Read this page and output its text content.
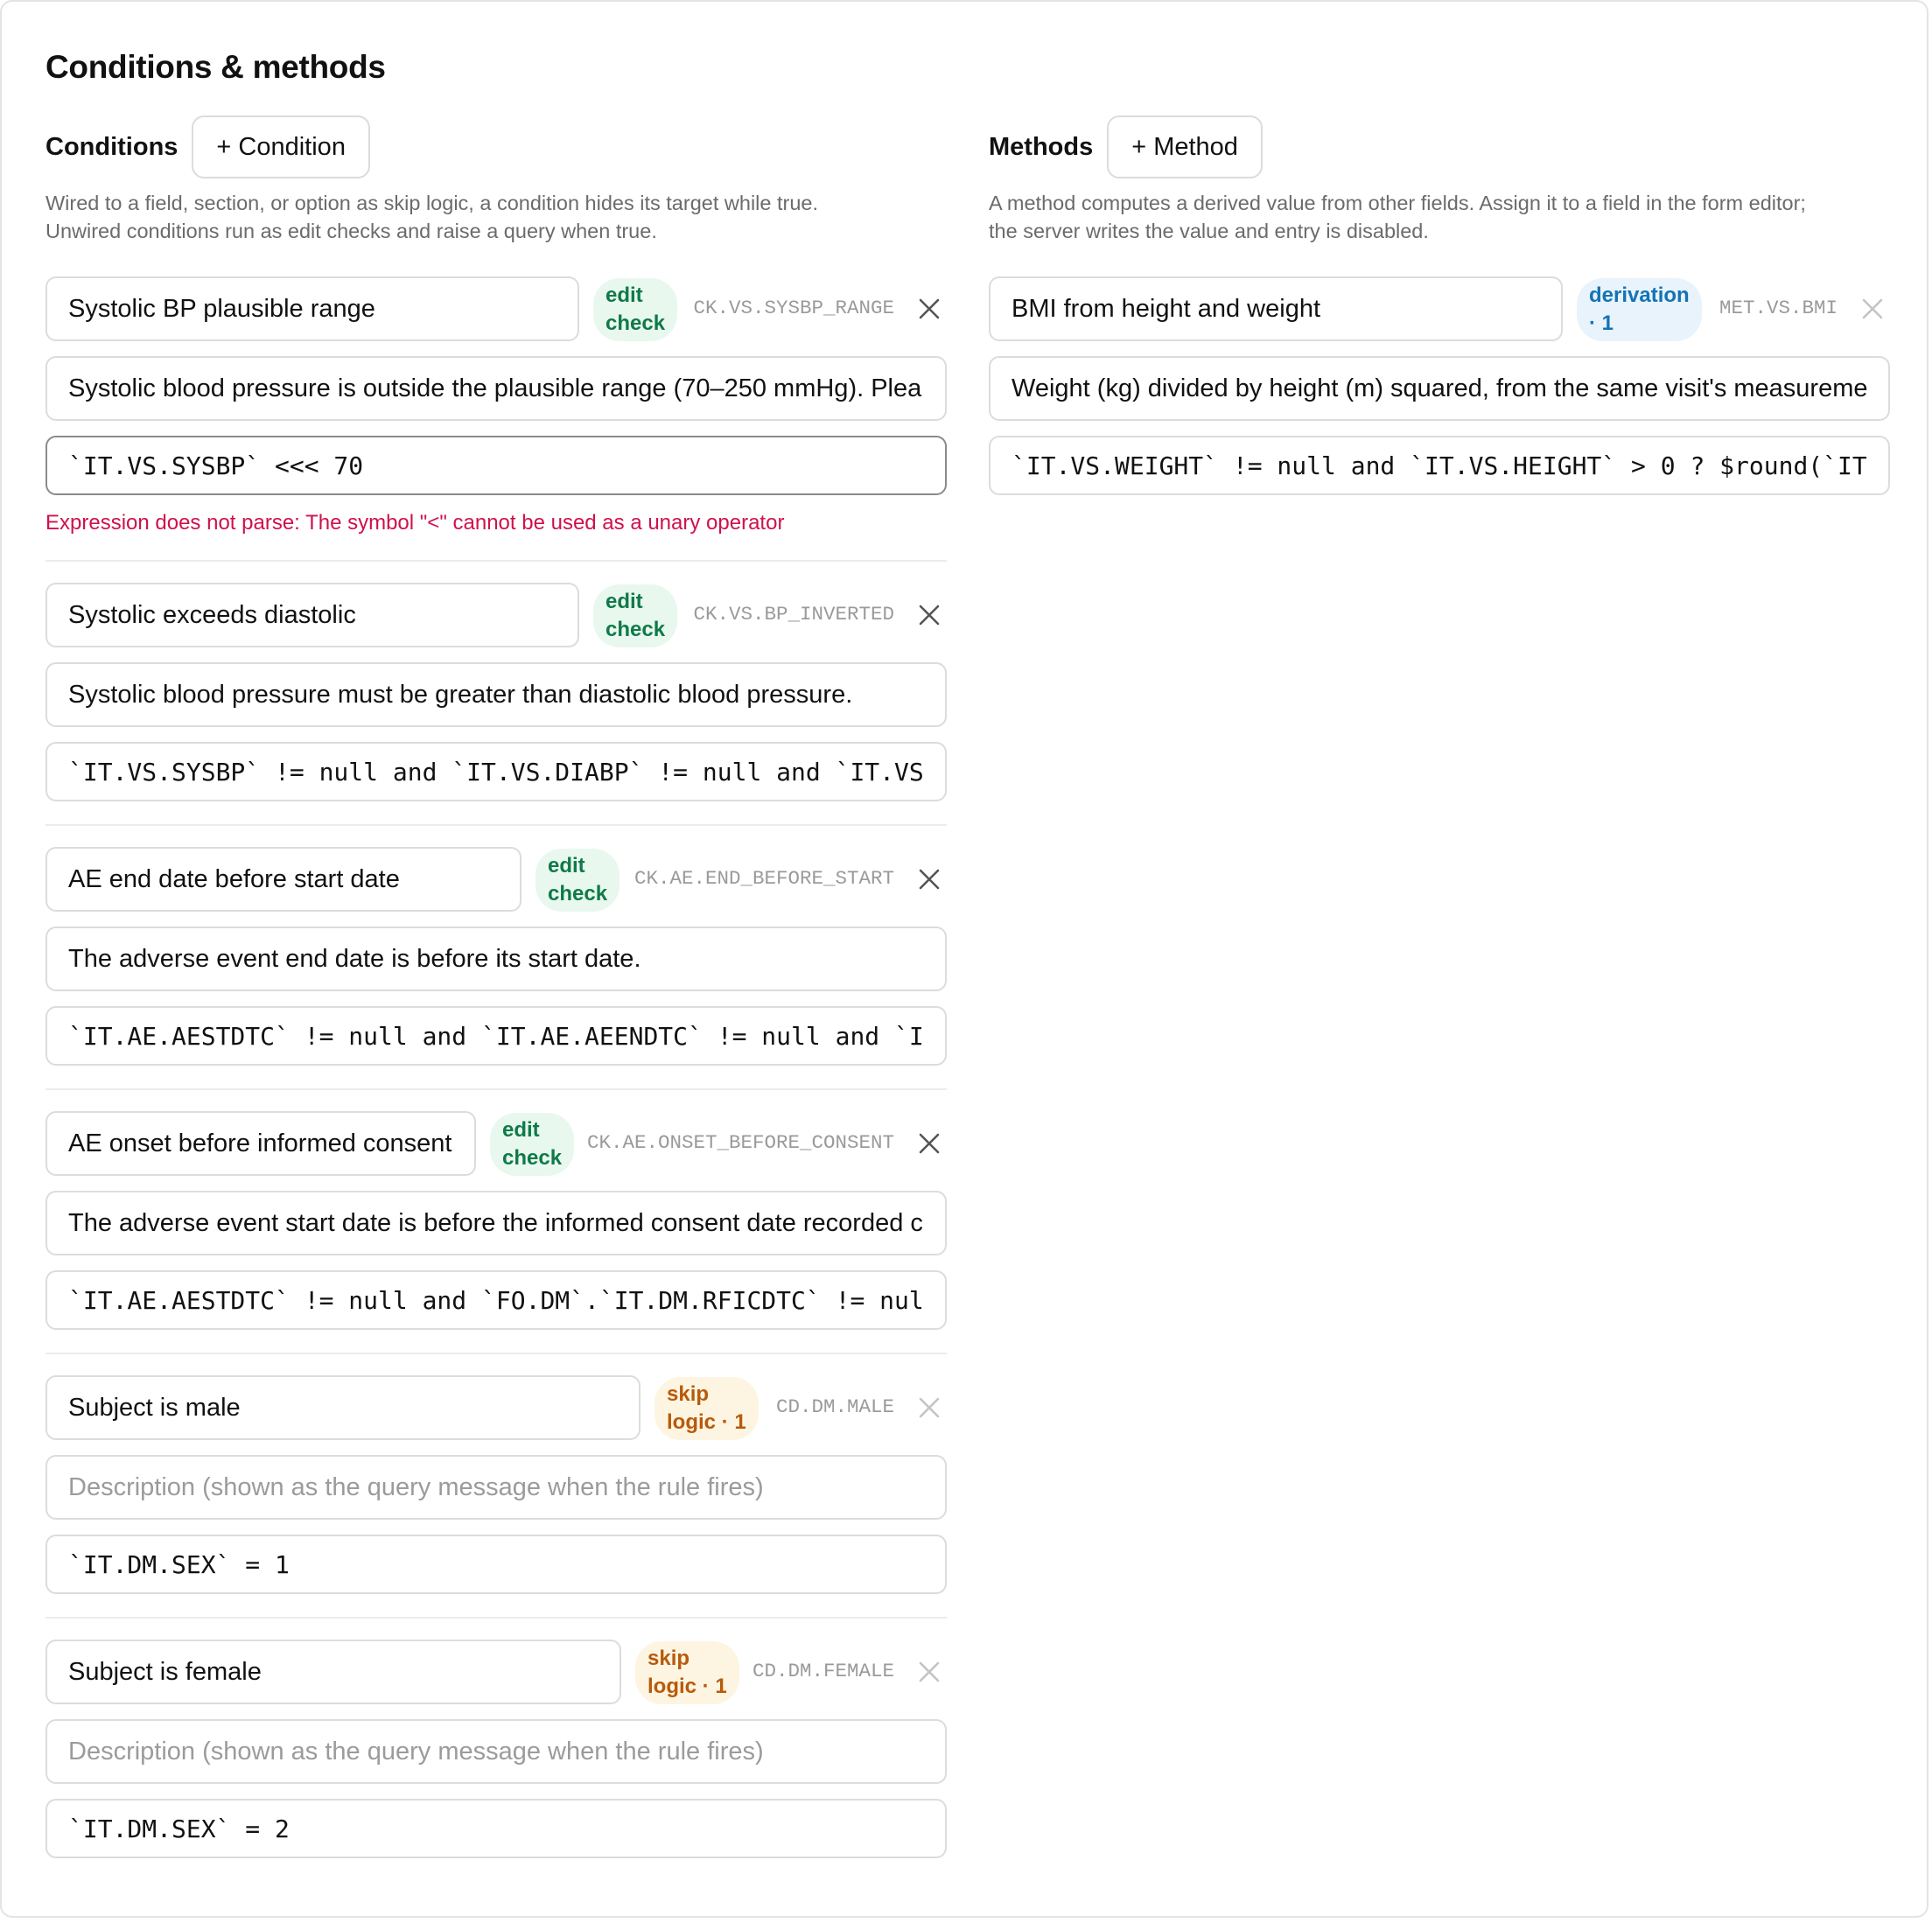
Conditions & methods
Conditions	+ Condition
Wired to a field, section, or option as skip logic, a condition hides its target while true.
Unwired conditions run as edit checks and raise a query when true.
Systolic BP plausible range	edit
check
CK.VS.SYSBP_RANGE
Systolic blood pressure is outside the plausible range (70–250 mmHg). Plea
`IT.VS.SYSBP` <<< 70
Expression does not parse: The symbol "<" cannot be used as a unary operator
Systolic exceeds diastolic	edit
check
CK.VS.BP_INVERTED
Systolic blood pressure must be greater than diastolic blood pressure.
`IT.VS.SYSBP` != null and `IT.VS.DIABP` != null and `IT.VS
AE end date before start date	edit
check
CK.AE.END_BEFORE_START
The adverse event end date is before its start date.
`IT.AE.AESTDTC` != null and `IT.AE.AEENDTC` != null and `I
AE onset before informed consent	edit
check
CK.AE.ONSET_BEFORE_CONSENT
The adverse event start date is before the informed consent date recorded c
`IT.AE.AESTDTC` != null and `FO.DM`.`IT.DM.RFICDTC` != nul
Subject is male	skip
logic · 1
CD.DM.MALE
Description (shown as the query message when the rule fires)
`IT.DM.SEX` = 1
Subject is female	skip
logic · 1
CD.DM.FEMALE
Description (shown as the query message when the rule fires)
`IT.DM.SEX` = 2
Methods	+ Method
A method computes a derived value from other fields. Assign it to a field in the form editor;
the server writes the value and entry is disabled.
BMI from height and weight	derivation
· 1
MET.VS.BMI
Weight (kg) divided by height (m) squared, from the same visit's measureme
`IT.VS.WEIGHT` != null and `IT.VS.HEIGHT` > 0 ? $round(`IT
